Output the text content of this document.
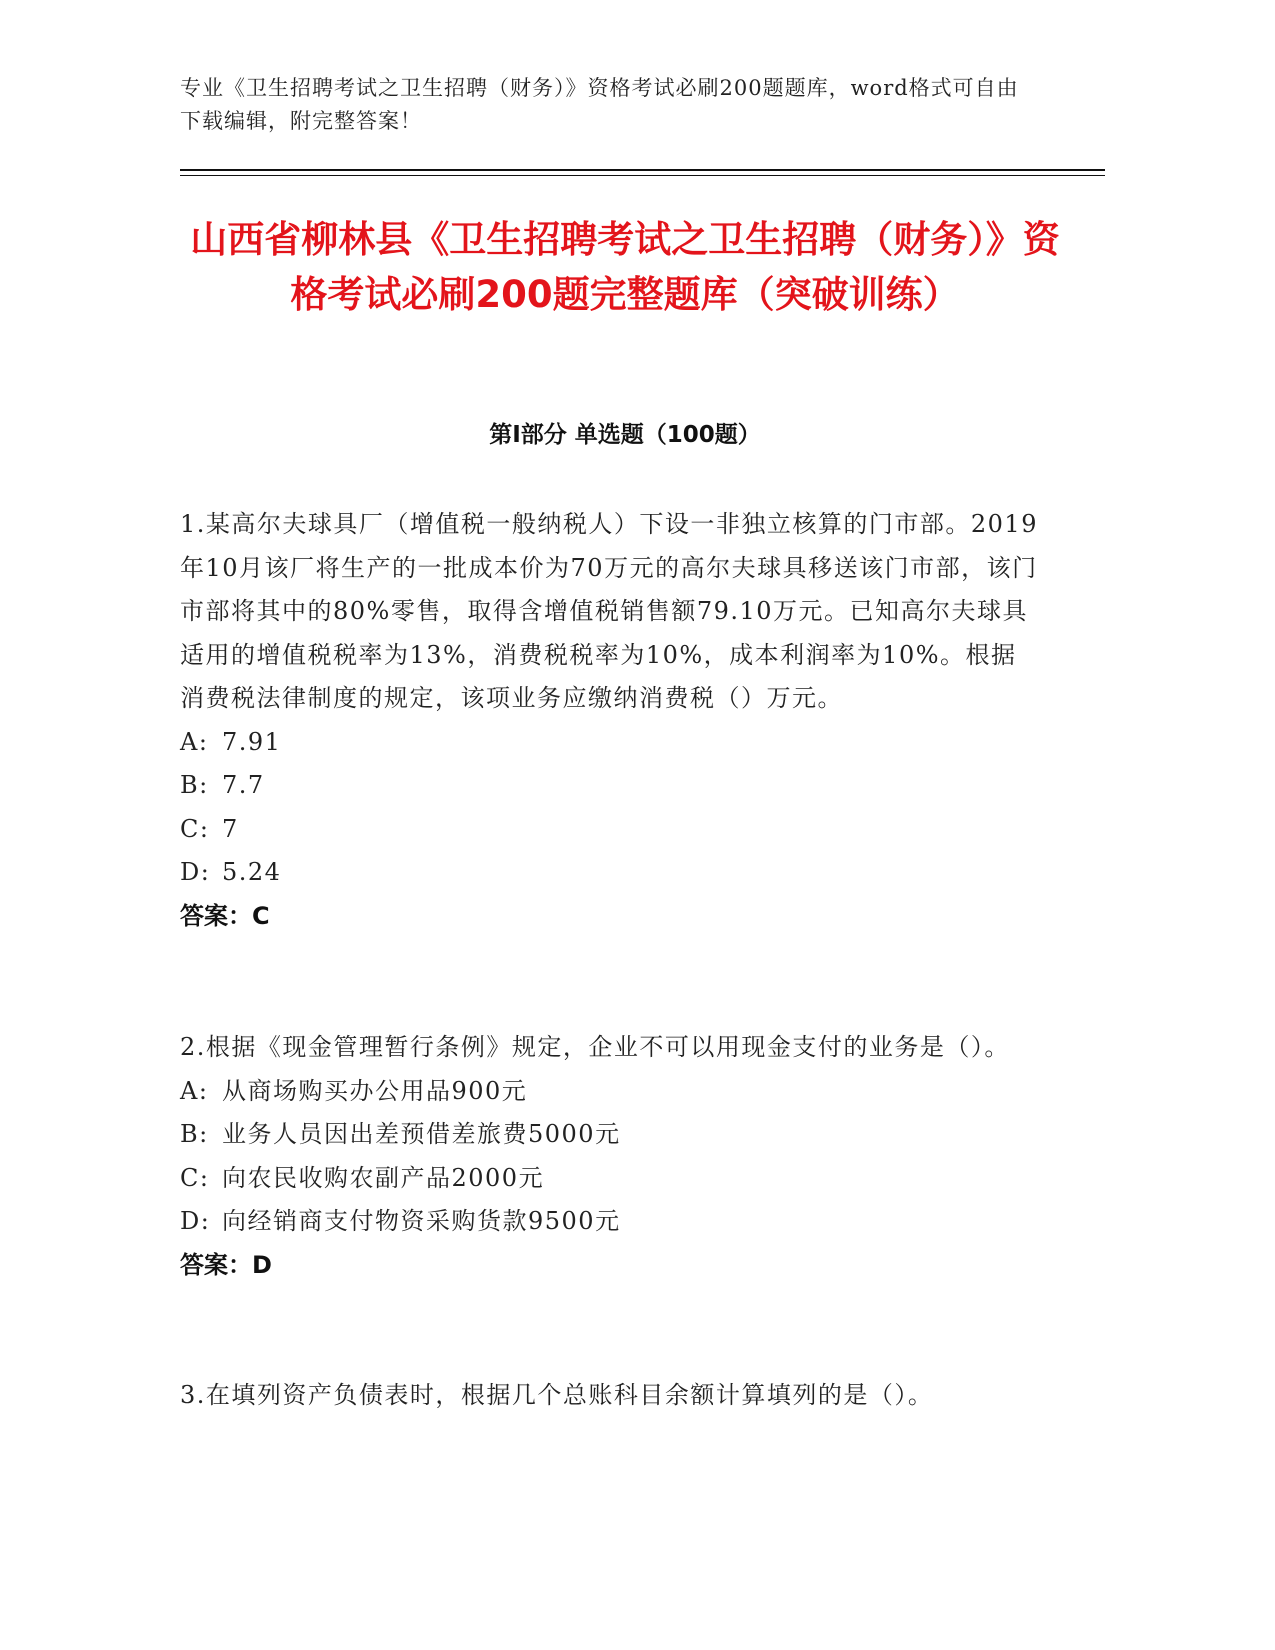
专业《卫生招聘考试之卫生招聘（财务）》资格考试必刷200题题库，word格式可自由下载编辑，附完整答案！
山西省柳林县《卫生招聘考试之卫生招聘（财务）》资格考试必刷200题完整题库（突破训练）
第I部分 单选题（100题）

1.某高尔夫球具厂（增值税一般纳税人）下设一非独立核算的门市部。2019年10月该厂将生产的一批成本价为70万元的高尔夫球具移送该门市部，该门市部将其中的80%零售，取得含增值税销售额79.10万元。已知高尔夫球具适用的增值税税率为13%，消费税税率为10%，成本利润率为10%。根据消费税法律制度的规定，该项业务应缴纳消费税（）万元。

A: 7.91

B: 7.7

C: 7

D: 5.24

答案：C

2.根据《现金管理暂行条例》规定，企业不可以用现金支付的业务是（）。

A: 从商场购买办公用品900元

B: 业务人员因出差预借差旅费5000元

C: 向农民收购农副产品2000元

D: 向经销商支付物资采购货款9500元

答案：D

3.在填列资产负债表时，根据几个总账科目余额计算填列的是（）。
